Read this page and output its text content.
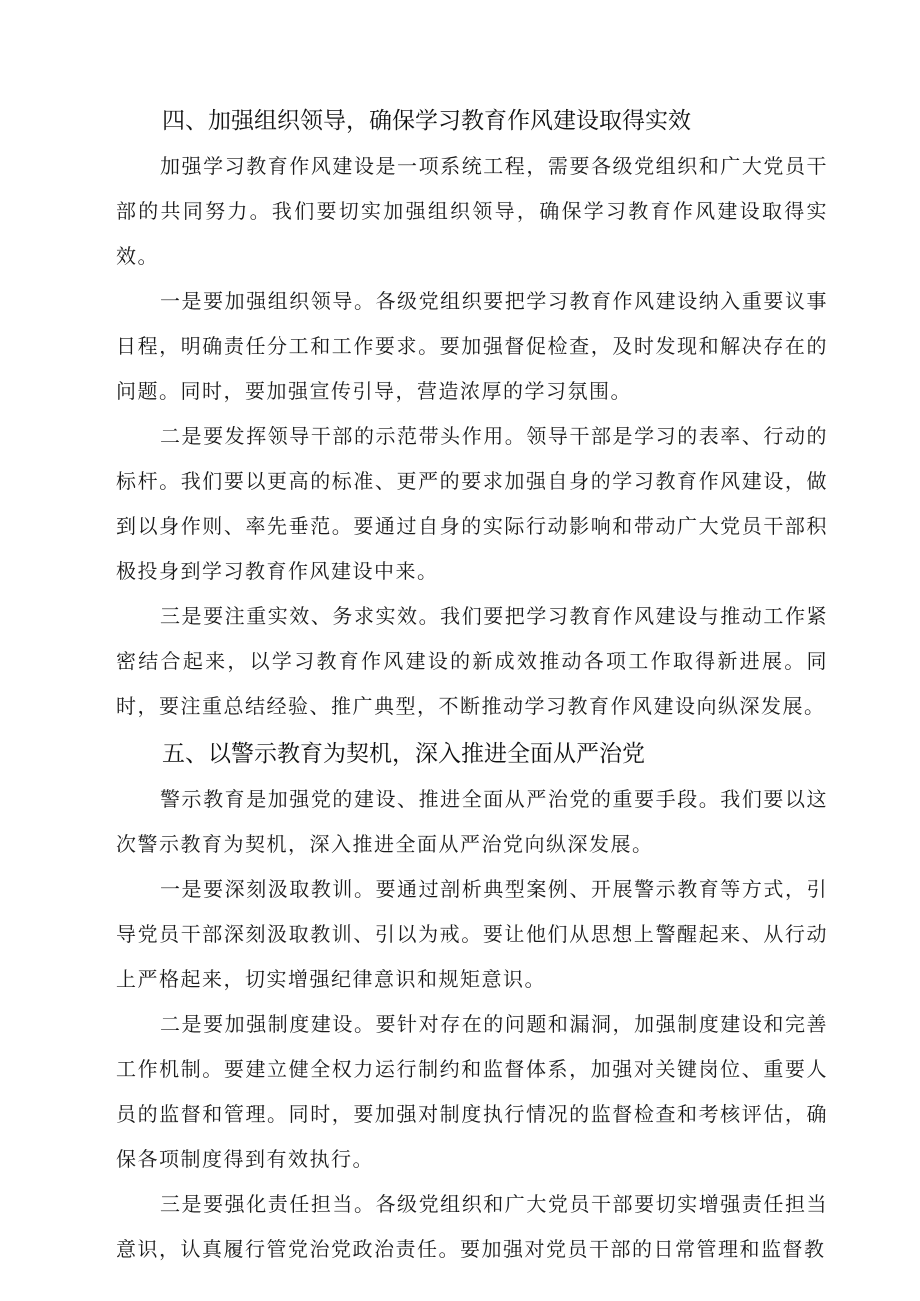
四、加强组织领导，确保学习教育作风建设取得实效

加强学习教育作风建设是一项系统工程，需要各级党组织和广大党员干部的共同努力。我们要切实加强组织领导，确保学习教育作风建设取得实效。

一是要加强组织领导。各级党组织要把学习教育作风建设纳入重要议事日程，明确责任分工和工作要求。要加强督促检查，及时发现和解决存在的问题。同时，要加强宣传引导，营造浓厚的学习氛围。

二是要发挥领导干部的示范带头作用。领导干部是学习的表率、行动的标杆。我们要以更高的标准、更严的要求加强自身的学习教育作风建设，做到以身作则、率先垂范。要通过自身的实际行动影响和带动广大党员干部积极投身到学习教育作风建设中来。

三是要注重实效、务求实效。我们要把学习教育作风建设与推动工作紧密结合起来，以学习教育作风建设的新成效推动各项工作取得新进展。同时，要注重总结经验、推广典型，不断推动学习教育作风建设向纵深发展。

五、以警示教育为契机，深入推进全面从严治党

警示教育是加强党的建设、推进全面从严治党的重要手段。我们要以这次警示教育为契机，深入推进全面从严治党向纵深发展。

一是要深刻汲取教训。要通过剖析典型案例、开展警示教育等方式，引导党员干部深刻汲取教训、引以为戒。要让他们从思想上警醒起来、从行动上严格起来，切实增强纪律意识和规矩意识。

二是要加强制度建设。要针对存在的问题和漏洞，加强制度建设和完善工作机制。要建立健全权力运行制约和监督体系，加强对关键岗位、重要人员的监督和管理。同时，要加强对制度执行情况的监督检查和考核评估，确保各项制度得到有效执行。

三是要强化责任担当。各级党组织和广大党员干部要切实增强责任担当意识，认真履行管党治党政治责任。要加强对党员干部的日常管理和监督教
